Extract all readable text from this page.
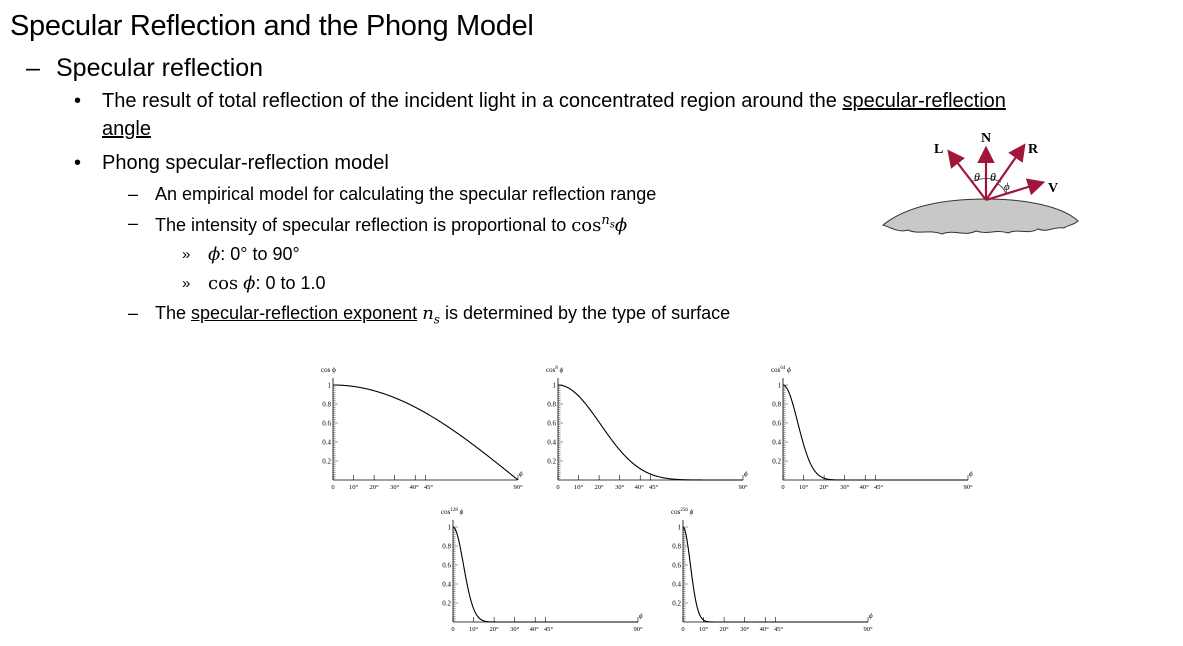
Specular Reflection and the Phong Model
– Specular reflection
• The result of total reflection of the incident light in a concentrated region around the specular-reflection
angle
• Phong specular-reflection model
– An empirical model for calculating the specular reflection range
– The intensity of specular reflection is proportional to $\cos^{n_s}\phi$
» ϕ: 0° to 90°
» cos ϕ: 0 to 1.0
– The specular-reflection exponent $n_s$ is determined by the type of surface
L
N
R
V
θ θ
ϕ
cos ϕ
1
0.8
0.6
0.4
0.2
0 10° 20° 30° 40° 45°	90°
ϕ
$\cos^8 \phi$
1
0.8
0.6
0.4
0.2
0 10° 20° 30° 40° 45°	90°
ϕ
$\cos^{64} \phi$
1
0.8
0.6
0.4
0.2
0 10° 20° 30° 40° 45°	90°
ϕ
$\cos^{128} \phi$
1
0.8
0.6
0.4
0.2
0 10° 20° 30° 40° 45°	90°
ϕ
$\cos^{256} \phi$
1
0.8
0.6
0.4
0.2
0 10° 20° 30° 40° 45°	90°
ϕ
